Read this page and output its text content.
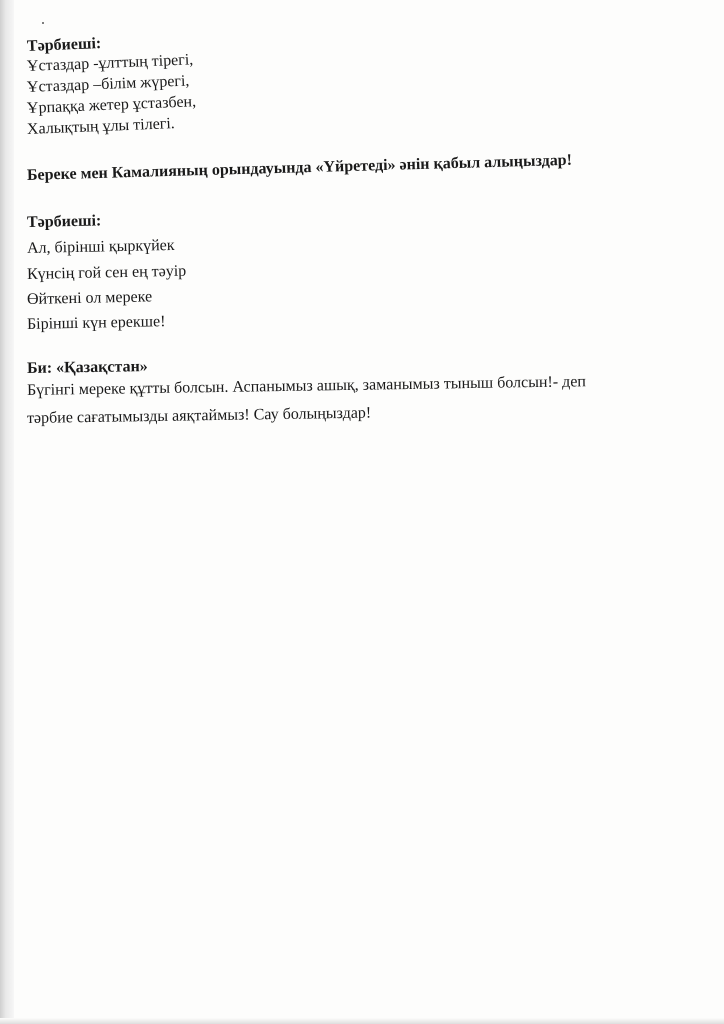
Тәрбиеші:
Ұстаздар -ұлттың тірегі,
Ұстаздар –білім жүрегі,
Ұрпаққа жетер ұстазбен,
Халықтың ұлы тілегі.
Береке мен Камалияның орындауында «Үйретеді» әнін қабыл алыңыздар!
Тәрбиеші:
Ал, бірінші қыркүйек
Күнсің гой сен ең тәуір
Өйткені ол мереке
Бірінші күн ерекше!
Би: «Қазақстан»
Бүгінгі мереке құтты болсын. Аспанымыз ашық, заманымыз тыныш болсын!- деп
тәрбие сағатымызды аяқтаймыз! Сау болыңыздар!
